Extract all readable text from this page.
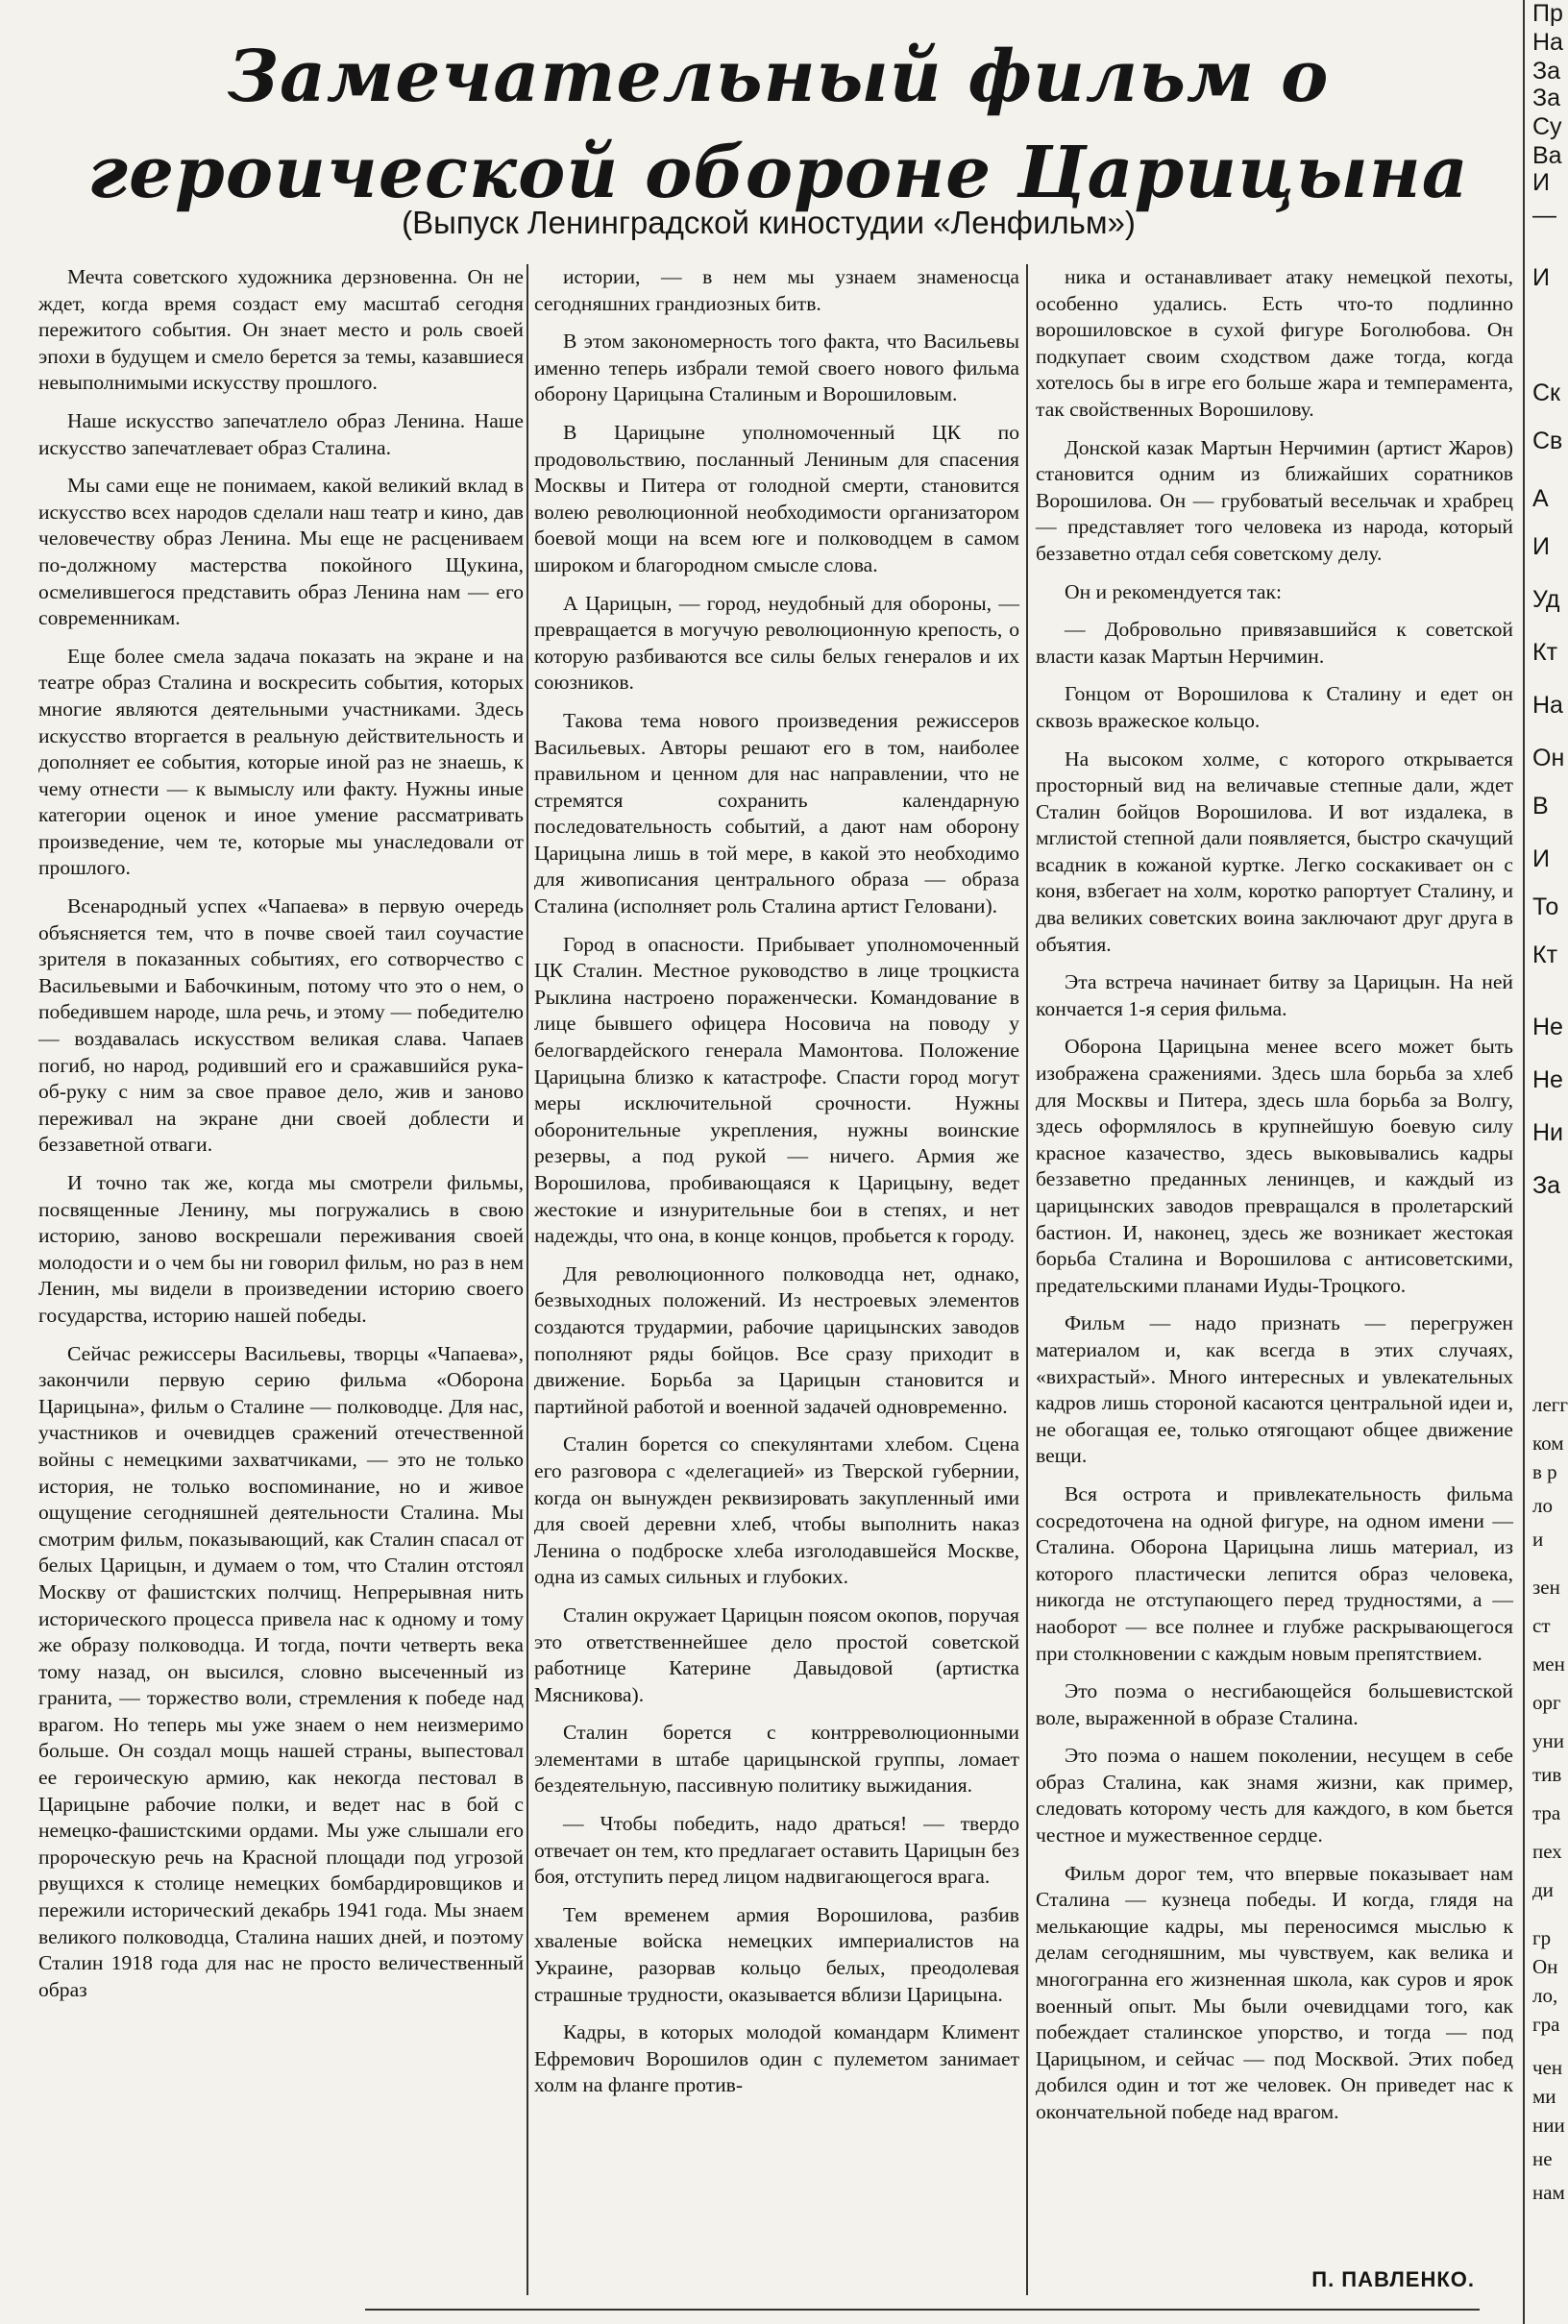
Замечательный фильм о
героической обороне Царицына
(Выпуск Ленинградской киностудии «Ленфильм»)

Мечта советского художника дерзновенна. Он не ждет, когда время создаст ему масштаб сегодня пережитого события. Он знает место и роль своей эпохи в будущем и смело берется за темы, казавшиеся невыполнимыми искусству прошлого.

Наше искусство запечатлело образ Ленина. Наше искусство запечатлевает образ Сталина.

Мы сами еще не понимаем, какой великий вклад в искусство всех народов сделали наш театр и кино, дав человечеству образ Ленина. Мы еще не расцениваем по-должному мастерства покойного Щукина, осмелившегося представить образ Ленина нам — его современникам.

Еще более смела задача показать на экране и на театре образ Сталина и воскресить события, которых многие являются деятельными участниками. Здесь искусство вторгается в реальную действительность и дополняет ее события, которые иной раз не знаешь, к чему отнести — к вымыслу или факту. Нужны иные категории оценок и иное умение рассматривать произведение, чем те, которые мы унаследовали от прошлого.

Всенародный успех «Чапаева» в первую очередь объясняется тем, что в почве своей таил соучастие зрителя в показанных событиях, его сотворчество с Васильевыми и Бабочкиным, потому что это о нем, о победившем народе, шла речь, и этому — победителю — воздавалась искусством великая слава. Чапаев погиб, но народ, родивший его и сражавшийся рука-об-руку с ним за свое правое дело, жив и заново переживал на экране дни своей доблести и беззаветной отваги.

И точно так же, когда мы смотрели фильмы, посвященные Ленину, мы погружались в свою историю, заново воскрешали переживания своей молодости и о чем бы ни говорил фильм, но раз в нем Ленин, мы видели в произведении историю своего государства, историю нашей победы.

Сейчас режиссеры Васильевы, творцы «Чапаева», закончили первую серию фильма «Оборона Царицына», фильм о Сталине — полководце. Для нас, участников и очевидцев сражений отечественной войны с немецкими захватчиками, — это не только история, не только воспоминание, но и живое ощущение сегодняшней деятельности Сталина. Мы смотрим фильм, показывающий, как Сталин спасал от белых Царицын, и думаем о том, что Сталин отстоял Москву от фашистских полчищ. Непрерывная нить исторического процесса привела нас к одному и тому же образу полководца. И тогда, почти четверть века тому назад, он высился, словно высеченный из гранита, — торжество воли, стремления к победе над врагом. Но теперь мы уже знаем о нем неизмеримо больше. Он создал мощь нашей страны, выпестовал ее героическую армию, как некогда пестовал в Царицыне рабочие полки, и ведет нас в бой с немецко-фашистскими ордами. Мы уже слышали его пророческую речь на Красной площади под угрозой рвущихся к столице немецких бомбардировщиков и пережили исторический декабрь 1941 года. Мы знаем великого полководца, Сталина наших дней, и поэтому Сталин 1918 года для нас не просто величественный образ

истории, — в нем мы узнаем знаменосца сегодняшних грандиозных битв.

В этом закономерность того факта, что Васильевы именно теперь избрали темой своего нового фильма оборону Царицына Сталиным и Ворошиловым.

В Царицыне уполномоченный ЦК по продовольствию, посланный Лениным для спасения Москвы и Питера от голодной смерти, становится волею революционной необходимости организатором боевой мощи на всем юге и полководцем в самом широком и благородном смысле слова.

А Царицын, — город, неудобный для обороны, — превращается в могучую революционную крепость, о которую разбиваются все силы белых генералов и их союзников.

Такова тема нового произведения режиссеров Васильевых. Авторы решают его в том, наиболее правильном и ценном для нас направлении, что не стремятся сохранить календарную последовательность событий, а дают нам оборону Царицына лишь в той мере, в какой это необходимо для живописания центрального образа — образа Сталина (исполняет роль Сталина артист Геловани).

Город в опасности. Прибывает уполномоченный ЦК Сталин. Местное руководство в лице троцкиста Рыклина настроено пораженчески. Командование в лице бывшего офицера Носовича на поводу у белогвардейского генерала Мамонтова. Положение Царицына близко к катастрофе. Спасти город могут меры исключительной срочности. Нужны оборонительные укрепления, нужны воинские резервы, а под рукой — ничего. Армия же Ворошилова, пробивающаяся к Царицыну, ведет жестокие и изнурительные бои в степях, и нет надежды, что она, в конце концов, пробьется к городу.

Для революционного полководца нет, однако, безвыходных положений. Из нестроевых элементов создаются трудармии, рабочие царицынских заводов пополняют ряды бойцов. Все сразу приходит в движение. Борьба за Царицын становится и партийной работой и военной задачей одновременно.

Сталин борется со спекулянтами хлебом. Сцена его разговора с «делегацией» из Тверской губернии, когда он вынужден реквизировать закупленный ими для своей деревни хлеб, чтобы выполнить наказ Ленина о подброске хлеба изголодавшейся Москве, одна из самых сильных и глубоких.

Сталин окружает Царицын поясом окопов, поручая это ответственнейшее дело простой советской работнице Катерине Давыдовой (артистка Мясникова).

Сталин борется с контрреволюционными элементами в штабе царицынской группы, ломает бездеятельную, пассивную политику выжидания.

— Чтобы победить, надо драться! — твердо отвечает он тем, кто предлагает оставить Царицын без боя, отступить перед лицом надвигающегося врага.

Тем временем армия Ворошилова, разбив хваленые войска немецких империалистов на Украине, разорвав кольцо белых, преодолевая страшные трудности, оказывается вблизи Царицына.

Кадры, в которых молодой командарм Климент Ефремович Ворошилов один с пулеметом занимает холм на фланге против-

ника и останавливает атаку немецкой пехоты, особенно удались. Есть что-то подлинно ворошиловское в сухой фигуре Боголюбова. Он подкупает своим сходством даже тогда, когда хотелось бы в игре его больше жара и темперамента, так свойственных Ворошилову.

Донской казак Мартын Нерчимин (артист Жаров) становится одним из ближайших соратников Ворошилова. Он — грубоватый весельчак и храбрец — представляет того человека из народа, который беззаветно отдал себя советскому делу.

Он и рекомендуется так:

— Добровольно привязавшийся к советской власти казак Мартын Нерчимин.

Гонцом от Ворошилова к Сталину и едет он сквозь вражеское кольцо.

На высоком холме, с которого открывается просторный вид на величавые степные дали, ждет Сталин бойцов Ворошилова. И вот издалека, в мглистой степной дали появляется, быстро скачущий всадник в кожаной куртке. Легко соскакивает он с коня, взбегает на холм, коротко рапортует Сталину, и два великих советских воина заключают друг друга в объятия.

Эта встреча начинает битву за Царицын. На ней кончается 1-я серия фильма.

Оборона Царицына менее всего может быть изображена сражениями. Здесь шла борьба за хлеб для Москвы и Питера, здесь шла борьба за Волгу, здесь оформлялось в крупнейшую боевую силу красное казачество, здесь выковывались кадры беззаветно преданных ленинцев, и каждый из царицынских заводов превращался в пролетарский бастион. И, наконец, здесь же возникает жестокая борьба Сталина и Ворошилова с антисоветскими, предательскими планами Иуды-Троцкого.

Фильм — надо признать — перегружен материалом и, как всегда в этих случаях, «вихрастый». Много интересных и увлекательных кадров лишь стороной касаются центральной идеи и, не обогащая ее, только отягощают общее движение вещи.

Вся острота и привлекательность фильма сосредоточена на одной фигуре, на одном имени — Сталина. Оборона Царицына лишь материал, из которого пластически лепится образ человека, никогда не отступающего перед трудностями, а — наоборот — все полнее и глубже раскрывающегося при столкновении с каждым новым препятствием.

Это поэма о несгибающейся большевистской воле, выраженной в образе Сталина.

Это поэма о нашем поколении, несущем в себе образ Сталина, как знамя жизни, как пример, следовать которому честь для каждого, в ком бьется честное и мужественное сердце.

Фильм дорог тем, что впервые показывает нам Сталина — кузнеца победы. И когда, глядя на мелькающие кадры, мы переносимся мыслью к делам сегодняшним, мы чувствуем, как велика и многогранна его жизненная школа, как суров и ярок военный опыт. Мы были очевидцами того, как побеждает сталинское упорство, и тогда — под Царицыном, и сейчас — под Москвой. Этих побед добился один и тот же человек. Он приведет нас к окончательной победе над врагом.

П. ПАВЛЕНКО.
Пр
На
За
За
Су
Ва
И
—
И
Ск
Св
А
И
Уд
Кт
На
Он
В
И
То
Кт
Не
Не
Ни
За
легг
ком
в р
ло
и
зен
ст
мен
орг
уни
тив
тра
пех
ди
гр
Он
ло,
гра
чен
ми
нии
не
нам
